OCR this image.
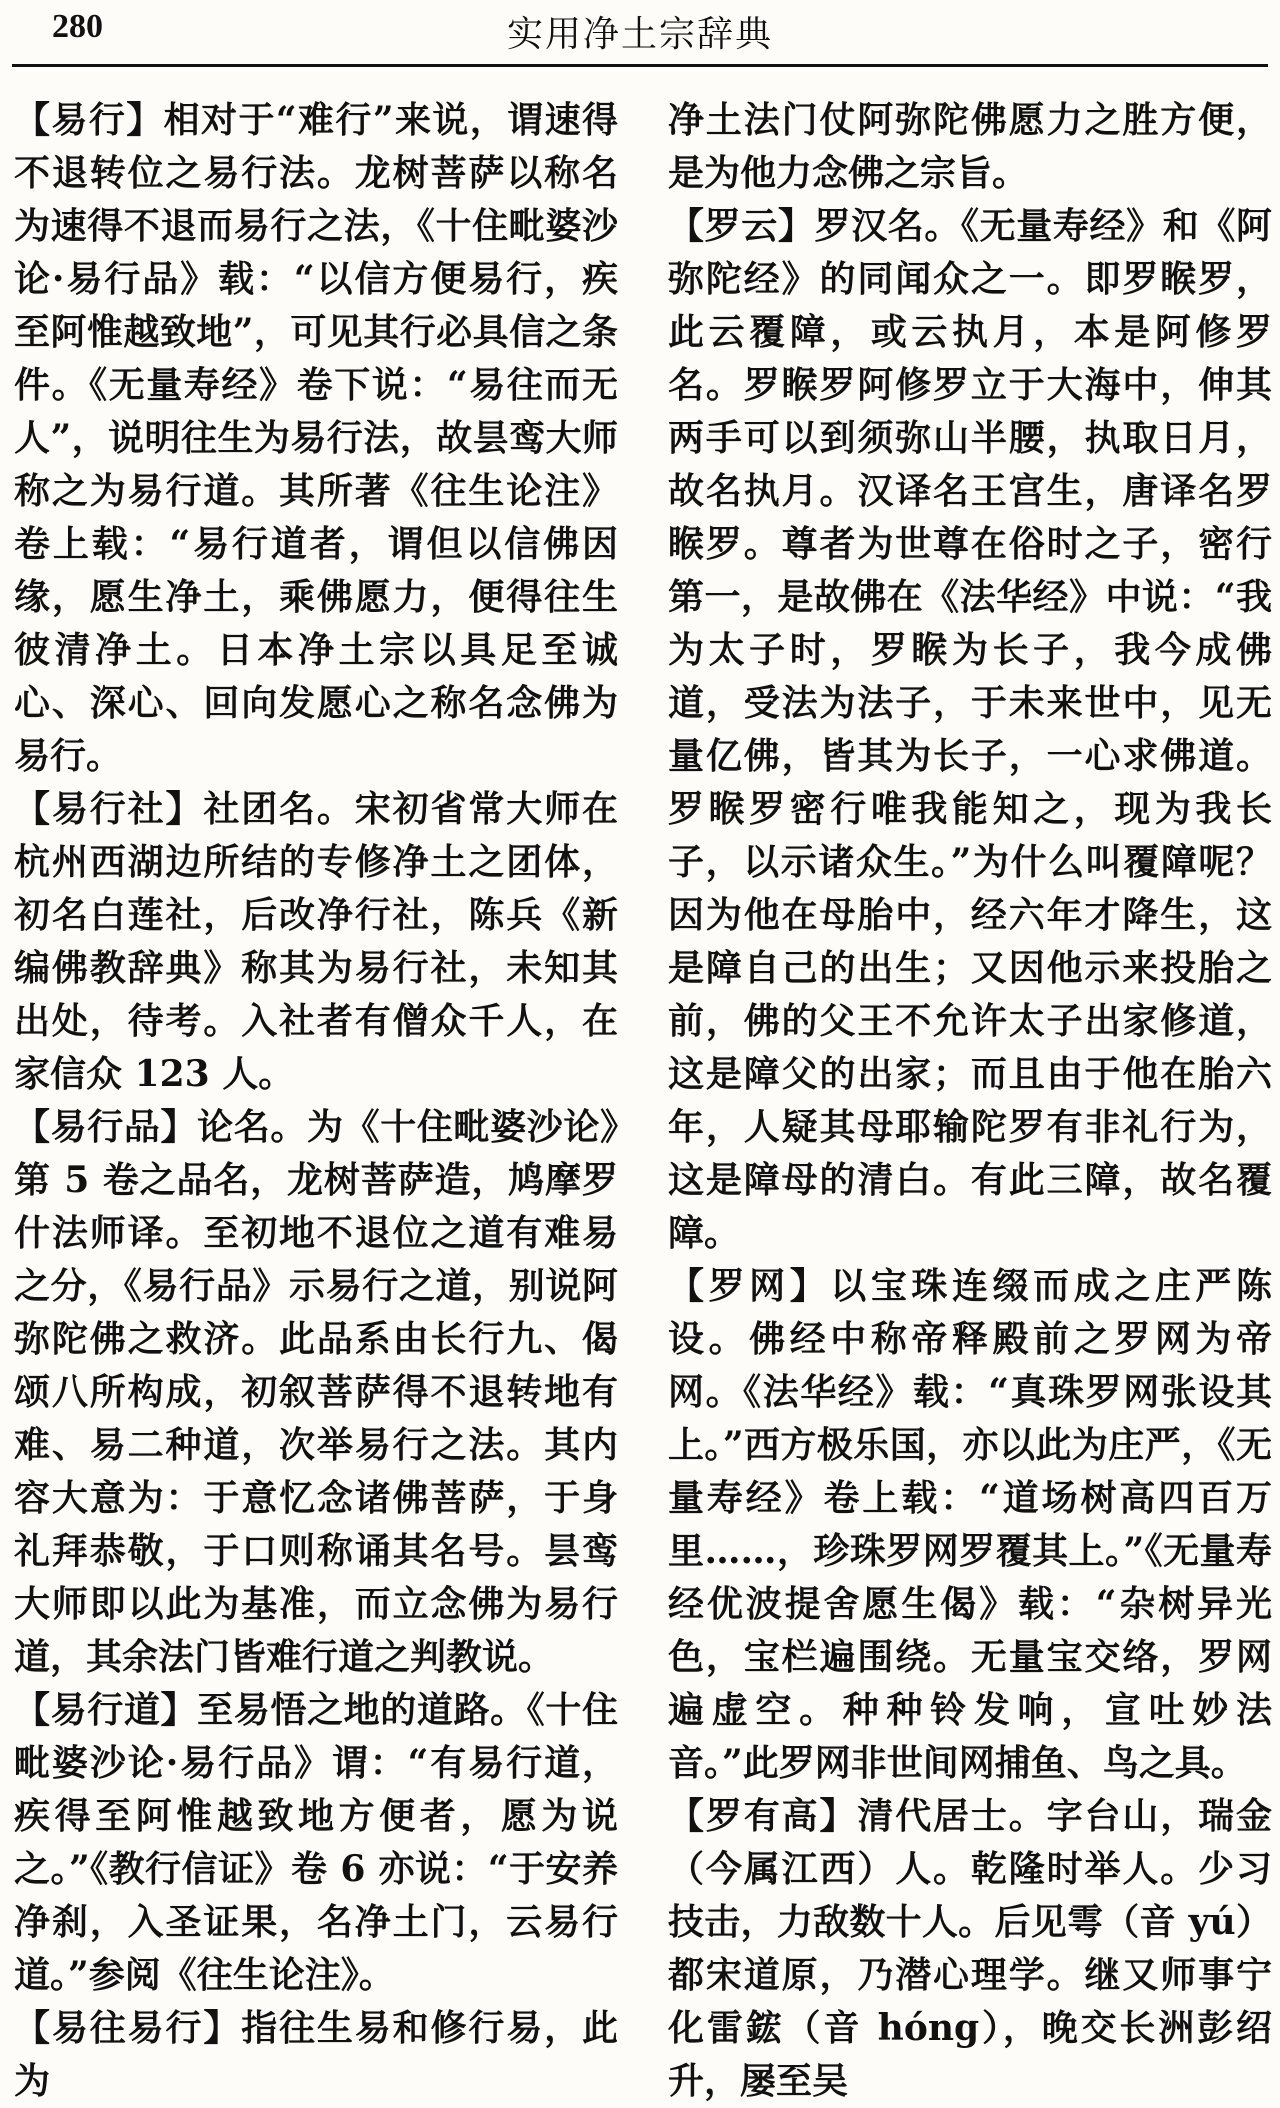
280	实用净土宗辞典

【易行】相对于“难行”来说，谓速得不退转位之易行法。龙树菩萨以称名为速得不退而易行之法，《十住毗婆沙论·易行品》载：“以信方便易行，疾至阿惟越致地”，可见其行必具信之条件。《无量寿经》卷下说：“易往而无人”，说明往生为易行法，故昙鸾大师称之为易行道。其所著《往生论注》卷上载：“易行道者，谓但以信佛因缘，愿生净土，乘佛愿力，便得往生彼清净土。日本净土宗以具足至诚心、深心、回向发愿心之称名念佛为易行。

【易行社】社团名。宋初省常大师在杭州西湖边所结的专修净土之团体，初名白莲社，后改净行社，陈兵《新编佛教辞典》称其为易行社，未知其出处，待考。入社者有僧众千人，在家信众 123 人。

【易行品】论名。为《十住毗婆沙论》第 5 卷之品名，龙树菩萨造，鸠摩罗什法师译。至初地不退位之道有难易之分，《易行品》示易行之道，别说阿弥陀佛之救济。此品系由长行九、偈颂八所构成，初叙菩萨得不退转地有难、易二种道，次举易行之法。其内容大意为：于意忆念诸佛菩萨，于身礼拜恭敬，于口则称诵其名号。昙鸾大师即以此为基准，而立念佛为易行道，其余法门皆难行道之判教说。

【易行道】至易悟之地的道路。《十住毗婆沙论·易行品》谓：“有易行道，疾得至阿惟越致地方便者，愿为说之。”《教行信证》卷 6 亦说：“于安养净刹，入圣证果，名净土门，云易行道。”参阅《往生论注》。

【易往易行】指往生易和修行易，此为

净土法门仗阿弥陀佛愿力之胜方便，是为他力念佛之宗旨。

【罗云】罗汉名。《无量寿经》和《阿弥陀经》的同闻众之一。即罗睺罗，此云覆障，或云执月，本是阿修罗名。罗睺罗阿修罗立于大海中，伸其两手可以到须弥山半腰，执取日月，故名执月。汉译名王宫生，唐译名罗睺罗。尊者为世尊在俗时之子，密行第一，是故佛在《法华经》中说：“我为太子时，罗睺为长子，我今成佛道，受法为法子，于未来世中，见无量亿佛，皆其为长子，一心求佛道。罗睺罗密行唯我能知之，现为我长子，以示诸众生。”为什么叫覆障呢？因为他在母胎中，经六年才降生，这是障自己的出生；又因他示来投胎之前，佛的父王不允许太子出家修道，这是障父的出家；而且由于他在胎六年，人疑其母耶输陀罗有非礼行为，这是障母的清白。有此三障，故名覆障。

【罗网】以宝珠连缀而成之庄严陈设。佛经中称帝释殿前之罗网为帝网。《法华经》载：“真珠罗网张设其上。”西方极乐国，亦以此为庄严，《无量寿经》卷上载：“道场树高四百万里……，珍珠罗网罗覆其上。”《无量寿经优波提舍愿生偈》载：“杂树异光色，宝栏遍围绕。无量宝交络，罗网遍虚空。种种铃发响，宣吐妙法音。”此罗网非世间网捕鱼、鸟之具。

【罗有高】清代居士。字台山，瑞金（今属江西）人。乾隆时举人。少习技击，力敌数十人。后见雩（音 yú）都宋道原，乃潜心理学。继又师事宁化雷鋐（音 hóng），晚交长洲彭绍升，屡至吴
